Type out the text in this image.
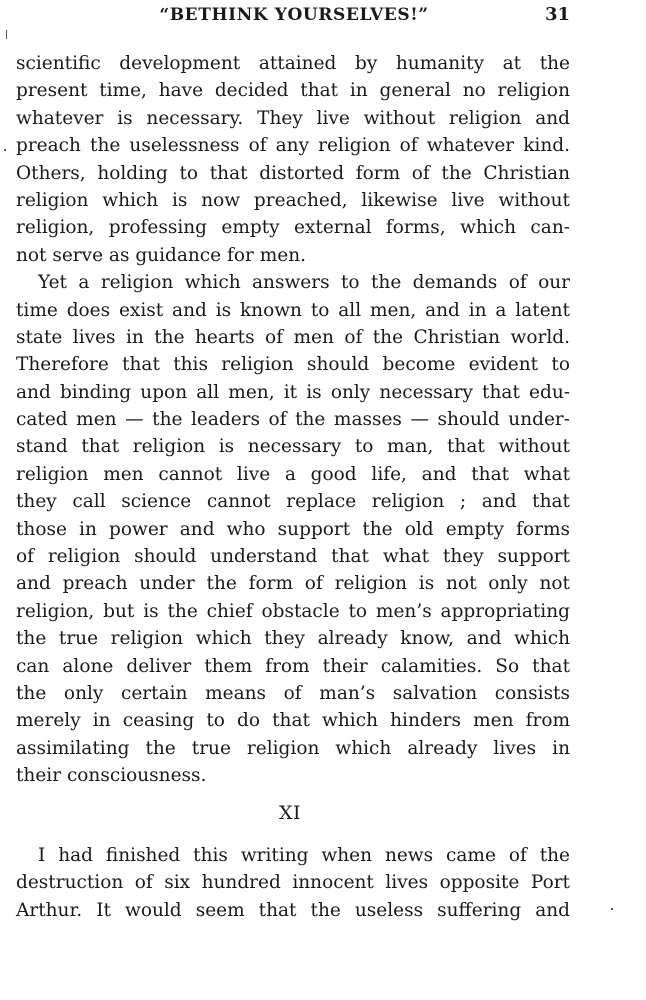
“BETHINK YOURSELVES!”	31
scientific development attained by humanity at the
present time, have decided that in general no religion
whatever is necessary. They live without religion and
preach the uselessness of any religion of whatever kind.
Others, holding to that distorted form of the Christian
religion which is now preached, likewise live without
religion, professing empty external forms, which can-
not serve as guidance for men.
Yet a religion which answers to the demands of our
time does exist and is known to all men, and in a latent
state lives in the hearts of men of the Christian world.
Therefore that this religion should become evident to
and binding upon all men, it is only necessary that edu-
cated men — the leaders of the masses — should under-
stand that religion is necessary to man, that without
religion men cannot live a good life, and that what
they call science cannot replace religion ; and that
those in power and who support the old empty forms
of religion should understand that what they support
and preach under the form of religion is not only not
religion, but is the chief obstacle to men’s appropriating
the true religion which they already know, and which
can alone deliver them from their calamities. So that
the only certain means of man’s salvation consists
merely in ceasing to do that which hinders men from
assimilating the true religion which already lives in
their consciousness.
XI
I had finished this writing when news came of the
destruction of six hundred innocent lives opposite Port
Arthur. It would seem that the useless suffering and
